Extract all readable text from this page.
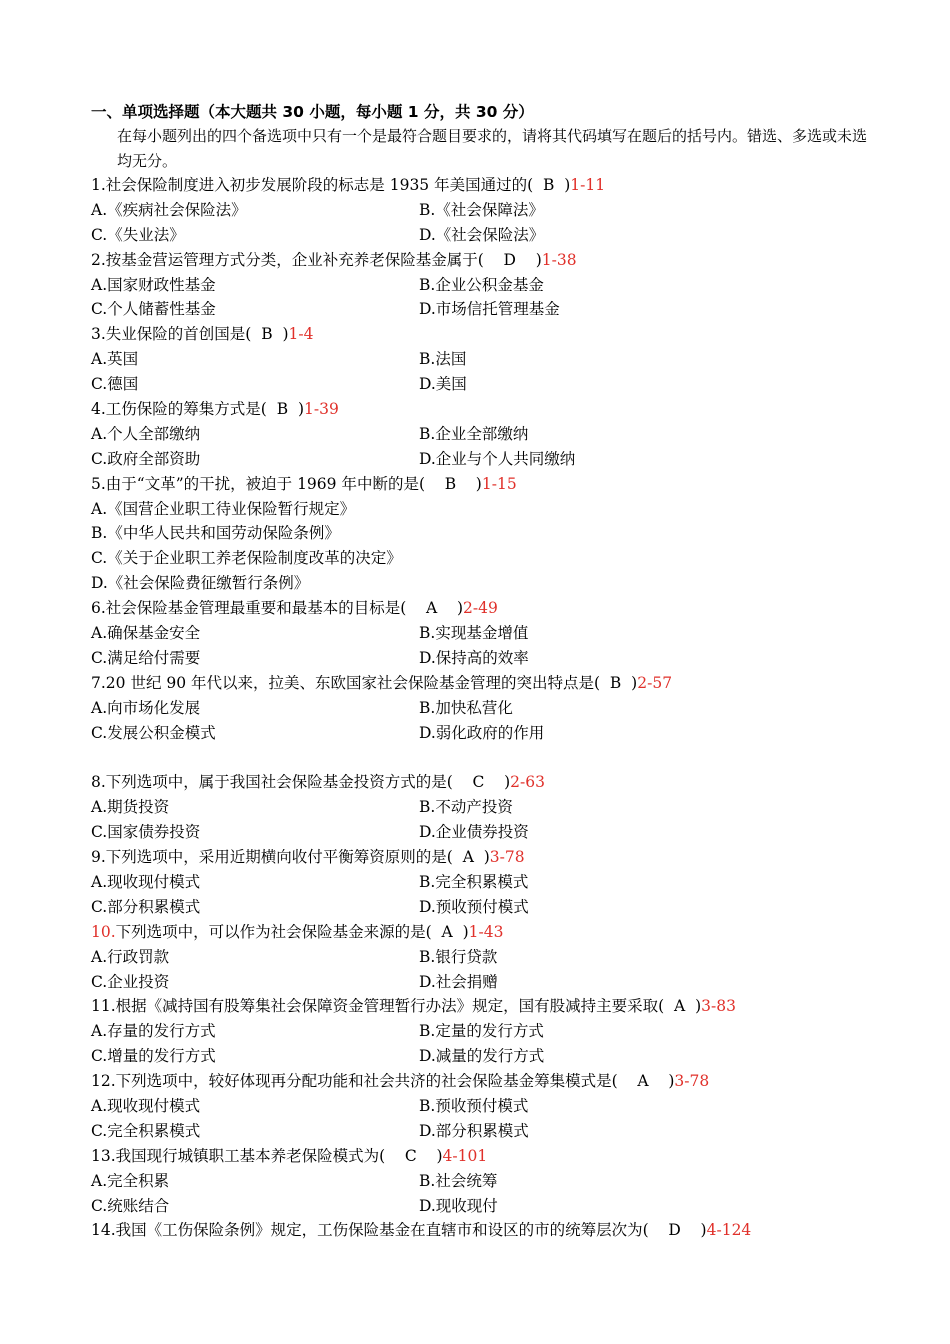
一、单项选择题（本大题共 30 小题，每小题 1 分，共 30 分）
在每小题列出的四个备选项中只有一个是最符合题目要求的，请将其代码填写在题后的括号内。错选、多选或未选均无分。
1.社会保险制度进入初步发展阶段的标志是 1935 年美国通过的(  B  )1-11
A.《疾病社会保险法》	B.《社会保障法》
C.《失业法》	D.《社会保险法》
2.按基金营运管理方式分类，企业补充养老保险基金属于(    D    )1-38
A.国家财政性基金	B.企业公积金基金
C.个人储蓄性基金	D.市场信托管理基金
3.失业保险的首创国是(  B  )1-4
A.英国	B.法国
C.德国	D.美国
4.工伤保险的筹集方式是(  B  )1-39
A.个人全部缴纳	B.企业全部缴纳
C.政府全部资助	D.企业与个人共同缴纳
5.由于“文革”的干扰，被迫于 1969 年中断的是(    B    )1-15
A.《国营企业职工待业保险暂行规定》
B.《中华人民共和国劳动保险条例》
C.《关于企业职工养老保险制度改革的决定》
D.《社会保险费征缴暂行条例》
6.社会保险基金管理最重要和最基本的目标是(    A    )2-49
A.确保基金安全	B.实现基金增值
C.满足给付需要	D.保持高的效率
7.20 世纪 90 年代以来，拉美、东欧国家社会保险基金管理的突出特点是(  B  )2-57
A.向市场化发展	B.加快私营化
C.发展公积金模式	D.弱化政府的作用
8.下列选项中，属于我国社会保险基金投资方式的是(    C    )2-63
A.期货投资	B.不动产投资
C.国家债券投资	D.企业债券投资
9.下列选项中，采用近期横向收付平衡筹资原则的是(  A  )3-78
A.现收现付模式	B.完全积累模式
C.部分积累模式	D.预收预付模式
10.下列选项中，可以作为社会保险基金来源的是(  A  )1-43
A.行政罚款	B.银行贷款
C.企业投资	D.社会捐赠
11.根据《减持国有股筹集社会保障资金管理暂行办法》规定，国有股减持主要采取(  A  )3-83
A.存量的发行方式	B.定量的发行方式
C.增量的发行方式	D.减量的发行方式
12.下列选项中，较好体现再分配功能和社会共济的社会保险基金筹集模式是(    A    )3-78
A.现收现付模式	B.预收预付模式
C.完全积累模式	D.部分积累模式
13.我国现行城镇职工基本养老保险模式为(    C    )4-101
A.完全积累	B.社会统筹
C.统账结合	D.现收现付
14.我国《工伤保险条例》规定，工伤保险基金在直辖市和设区的市的统筹层次为(    D    )4-124
